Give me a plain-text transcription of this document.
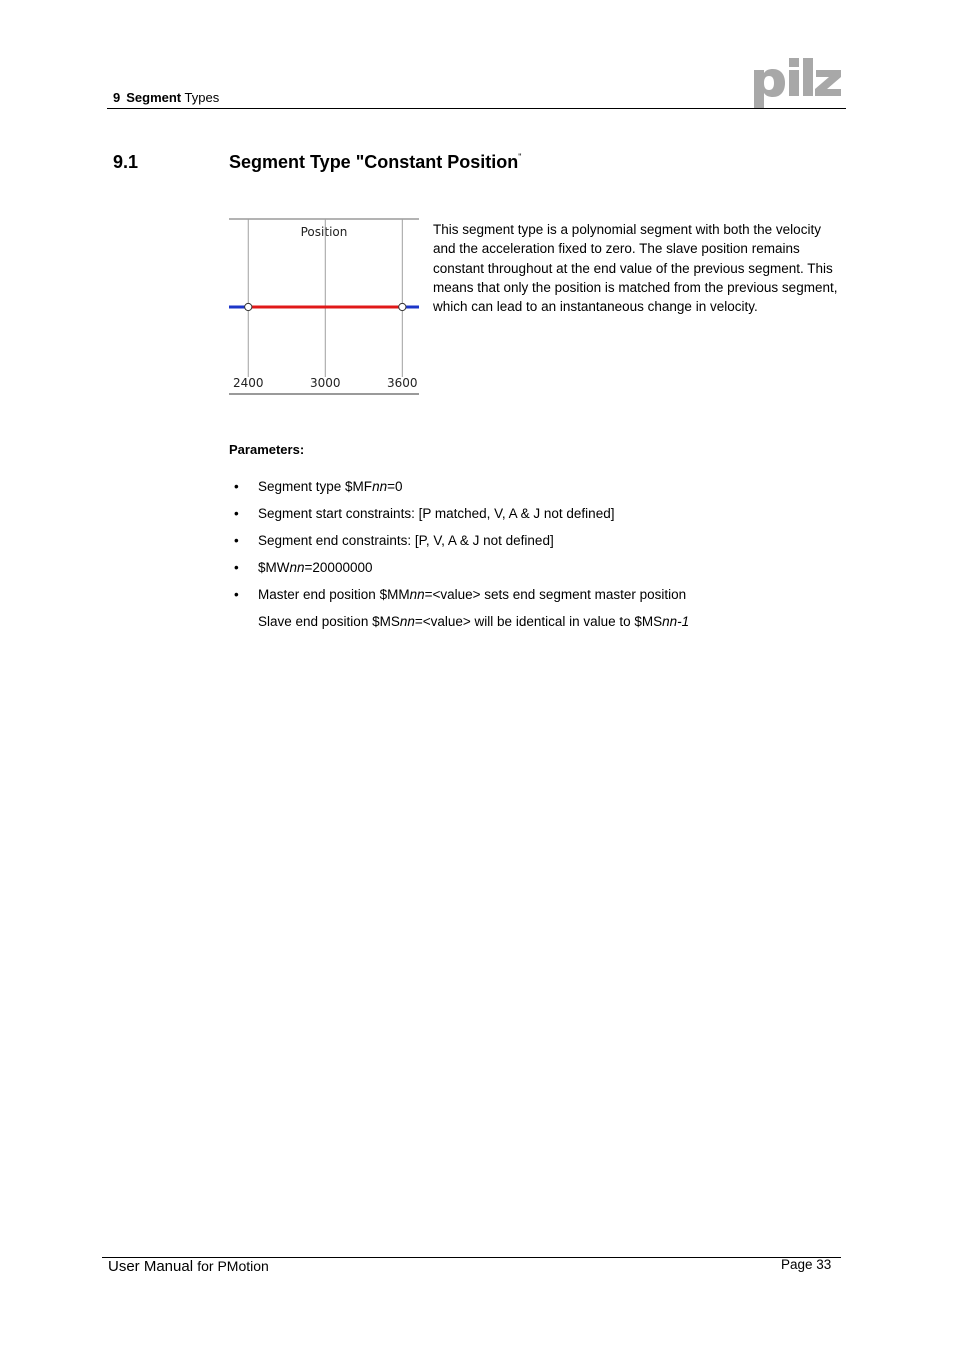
9 Segment Types
pilz
9.1	Segment Type "Constant Position"
Position
2400	3000	3600
This segment type is a polynomial segment with both the velocity and the acceleration fixed to zero. The slave position remains constant throughout at the end value of the previous segment. This means that only the position is matched from the previous segment, which can lead to an instantaneous change in velocity.
Parameters:
• Segment type $MFnn=0
• Segment start constraints: [P matched, V, A & J not defined]
• Segment end constraints: [P, V, A & J not defined]
• $MWnn=20000000
• Master end position $MMnn=<value> sets end segment master position
Slave end position $MSnn=<value> will be identical in value to $MSnn-1
User Manual for PMotion	Page 33
